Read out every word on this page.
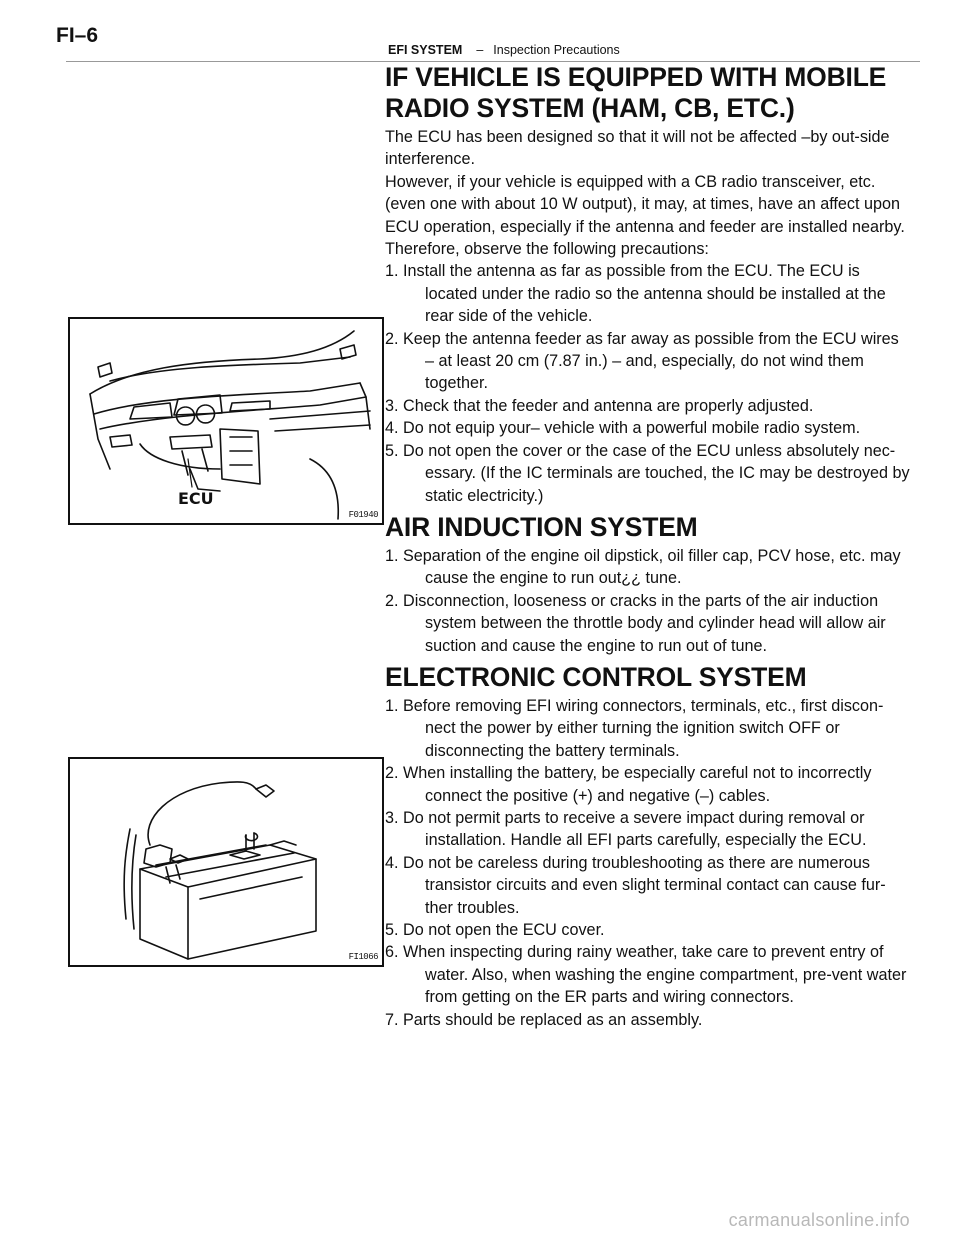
FI–6
EFI SYSTEM – Inspection Precautions
ECU
F01940
FI1066
IF VEHICLE IS EQUIPPED WITH MOBILE
RADIO SYSTEM (HAM, CB, ETC.)

The ECU has been designed so that it will not be affected –by out-side interference.

However, if your vehicle is equipped with a CB radio transceiver, etc. (even one with about 10 W output), it may, at times, have an affect upon ECU operation, especially if the antenna and feeder are installed nearby.

Therefore, observe the following precautions:

1. Install the antenna as far as possible from the ECU. The ECU is located under the radio so the antenna should be installed at the rear side of the vehicle.
2. Keep the antenna feeder as far away as possible from the ECU wires – at least 20 cm (7.87 in.) – and, especially, do not wind them together.
3. Check that the feeder and antenna are properly adjusted.
4. Do not equip your– vehicle with a powerful mobile radio system.
5. Do not open the cover or the case of the ECU unless absolutely nec-essary. (If the IC terminals are touched, the IC may be destroyed by static electricity.)
AIR INDUCTION SYSTEM
1. Separation of the engine oil dipstick, oil filler cap, PCV hose, etc. may cause the engine to run out¿¿ tune.
2. Disconnection, looseness or cracks in the parts of the air induction system between the throttle body and cylinder head will allow air suction and cause the engine to run out of tune.
ELECTRONIC CONTROL SYSTEM
1. Before removing EFI wiring connectors, terminals, etc., first discon-nect the power by either turning the ignition switch OFF or disconnecting the battery terminals.
2. When installing the battery, be especially careful not to incorrectly connect the positive (+) and negative (–) cables.
3. Do not permit parts to receive a severe impact during removal or installation. Handle all EFI parts carefully, especially the ECU.
4. Do not be careless during troubleshooting as there are numerous transistor circuits and even slight terminal contact can cause fur-ther troubles.
5. Do not open the ECU cover.
6. When inspecting during rainy weather, take care to prevent entry of water. Also, when washing the engine compartment, pre-vent water from getting on the ER parts and wiring connectors.
7. Parts should be replaced as an assembly.
carmanualsonline.info
